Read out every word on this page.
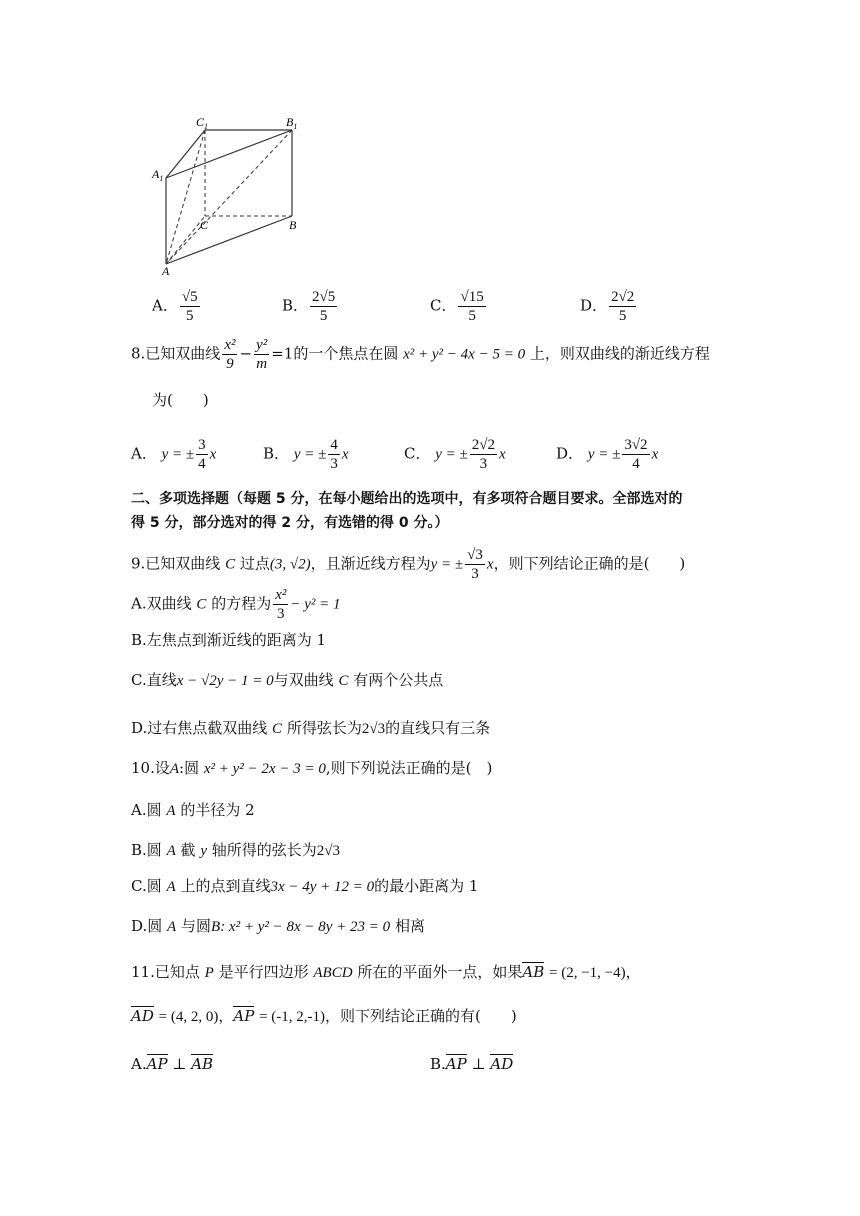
$C_1$	$B_1$
$A_1$
C	B
A
A． $\frac{√5}{5}$	B． $\frac{2√5}{5}$	C． $\frac{√15}{5}$	D． $\frac{2√2}{5}$
8.已知双曲线 $\frac{\text{x²}}{9} - \frac{\text{y²}}{m} =1$的一个焦点在圆 x² + y² − 4x − 5 = 0 上，则双曲线的渐近线方程
为(　　)
A． y = ± $\frac{3}{4}$ x	B． y = ± $\frac{4}{3}$ x	C． y = ± $\frac{2√2}{3}$ x	D． y = ± $\frac{3√2}{4}$ x
二、多项选择题（每题 5 分，在每小题给出的选项中，有多项符合题目要求。全部选对的
得 5 分，部分选对的得 2 分，有选错的得 0 分。）
9.已知双曲线 C 过点(3, √2)，且渐近线方程为y = ± $\frac{√3}{3}$ x，则下列结论正确的是(　　)
A.双曲线 C 的方程为 $\frac{\text{x²}}{3} - y^2 = 1$
B.左焦点到渐近线的距离为 1
C.直线x − √2y − 1 = 0与双曲线 C 有两个公共点
D.过右焦点截双曲线 C 所得弦长为2√3的直线只有三条
10.设A:圆 x² + y² − 2x − 3 = 0,则下列说法正确的是(　)
A.圆 A 的半径为 2
B.圆 A 截 y 轴所得的弦长为2√3
C.圆 A 上的点到直线3x − 4y + 12 = 0的最小距离为 1
D.圆 A 与圆B: x² + y² − 8x − 8y + 23 = 0 相离
11.已知点 P 是平行四边形 ABCD 所在的平面外一点，如果AB = (2, −1, −4)，
AD = (4, 2, 0)，AP = (-1, 2,-1)，则下列结论正确的有(　　)
A.AP ⊥ AB	B.AP ⊥ AD
